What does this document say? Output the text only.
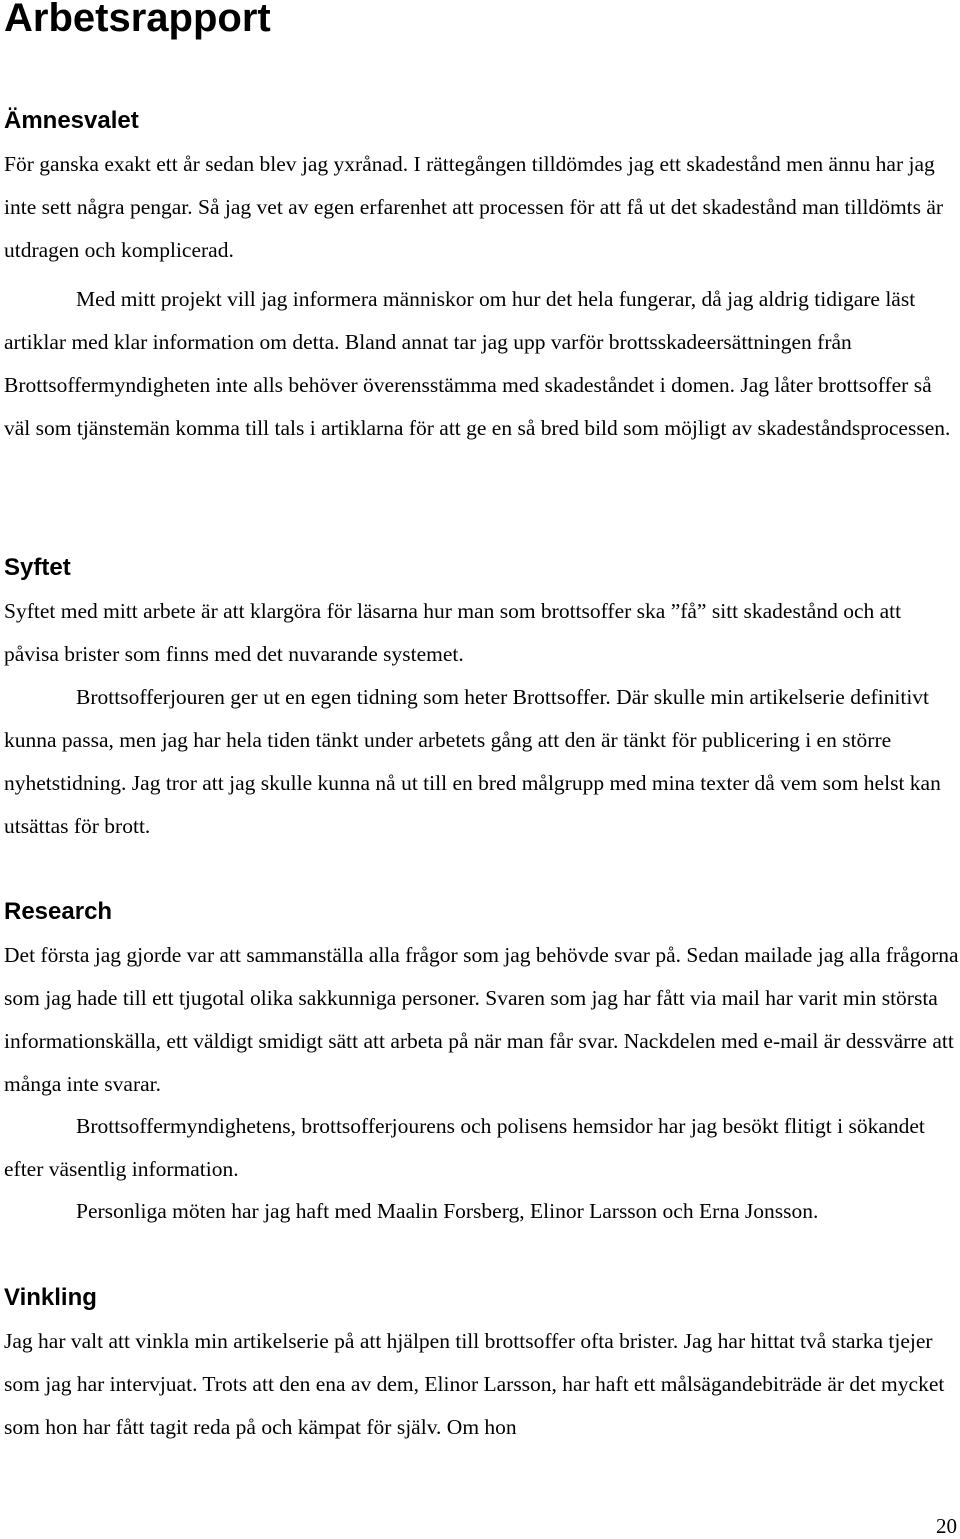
Arbetsrapport
Ämnesvalet

För ganska exakt ett år sedan blev jag yxrånad. I rättegången tilldömdes jag ett skadestånd men ännu har jag inte sett några pengar. Så jag vet av egen erfarenhet att processen för att få ut det skadestånd man tilldömts är utdragen och komplicerad.

Med mitt projekt vill jag informera människor om hur det hela fungerar, då jag aldrig tidigare läst artiklar med klar information om detta. Bland annat tar jag upp varför brottsskadeersättningen från Brottsoffermyndigheten inte alls behöver överensstämma med skadeståndet i domen. Jag låter brottsoffer så väl som tjänstemän komma till tals i artiklarna för att ge en så bred bild som möjligt av skadeståndsprocessen.

Syftet

Syftet med mitt arbete är att klargöra för läsarna hur man som brottsoffer ska ”få” sitt skadestånd och att påvisa brister som finns med det nuvarande systemet.

Brottsofferjouren ger ut en egen tidning som heter Brottsoffer. Där skulle min artikelserie definitivt kunna passa, men jag har hela tiden tänkt under arbetets gång att den är tänkt för publicering i en större nyhetstidning. Jag tror att jag skulle kunna nå ut till en bred målgrupp med mina texter då vem som helst kan utsättas för brott.

Research

Det första jag gjorde var att sammanställa alla frågor som jag behövde svar på. Sedan mailade jag alla frågorna som jag hade till ett tjugotal olika sakkunniga personer. Svaren som jag har fått via mail har varit min största informationskälla, ett väldigt smidigt sätt att arbeta på när man får svar. Nackdelen med e-mail är dessvärre att många inte svarar.

Brottsoffermyndighetens, brottsofferjourens och polisens hemsidor har jag besökt flitigt i sökandet efter väsentlig information.

Personliga möten har jag haft med Maalin Forsberg, Elinor Larsson och Erna Jonsson.

Vinkling

Jag har valt att vinkla min artikelserie på att hjälpen till brottsoffer ofta brister. Jag har hittat två starka tjejer som jag har intervjuat. Trots att den ena av dem, Elinor Larsson, har haft ett målsägandebiträde är det mycket som hon har fått tagit reda på och kämpat för själv. Om hon

20
